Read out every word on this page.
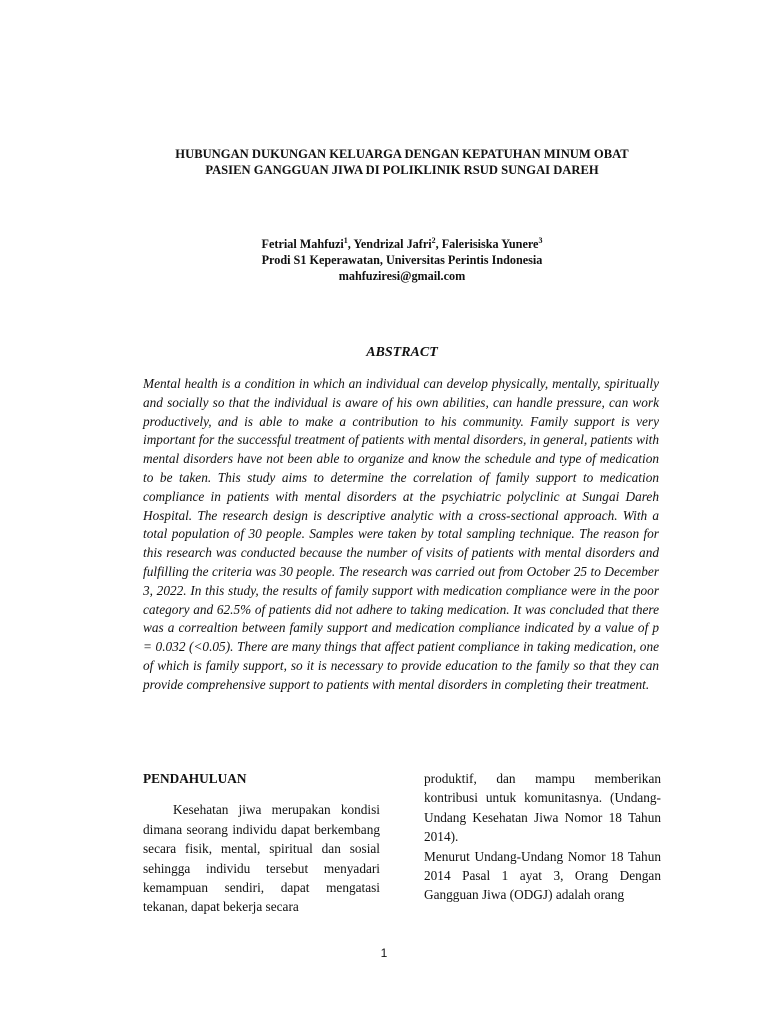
HUBUNGAN DUKUNGAN KELUARGA DENGAN KEPATUHAN MINUM OBAT
PASIEN GANGGUAN JIWA DI POLIKLINIK RSUD SUNGAI DAREH
Fetrial Mahfuzi$^1$, Yendrizal Jafri$^2$, Falerisiska Yunere$^3$
Prodi S1 Keperawatan, Universitas Perintis Indonesia
mahfuziresi@gmail.com
ABSTRACT

Mental health is a condition in which an individual can develop physically, mentally, spiritually and socially so that the individual is aware of his own abilities, can handle pressure, can work productively, and is able to make a contribution to his community. Family support is very important for the successful treatment of patients with mental disorders, in general, patients with mental disorders have not been able to organize and know the schedule and type of medication to be taken. This study aims to determine the correlation of family support to medication compliance in patients with mental disorders at the psychiatric polyclinic at Sungai Dareh Hospital. The research design is descriptive analytic with a cross-sectional approach. With a total population of 30 people. Samples were taken by total sampling technique. The reason for this research was conducted because the number of visits of patients with mental disorders and fulfilling the criteria was 30 people. The research was carried out from October 25 to December 3, 2022. In this study, the results of family support with medication compliance were in the poor category and 62.5% of patients did not adhere to taking medication. It was concluded that there was a correaltion between family support and medication compliance indicated by a value of p = 0.032 (<0.05). There are many things that affect patient compliance in taking medication, one of which is family support, so it is necessary to provide education to the family so that they can provide comprehensive support to patients with mental disorders in completing their treatment.

PENDAHULUAN

Kesehatan jiwa merupakan kondisi dimana seorang individu dapat berkembang secara fisik, mental, spiritual dan sosial sehingga individu tersebut menyadari kemampuan sendiri, dapat mengatasi tekanan, dapat bekerja secara

produktif, dan mampu memberikan kontribusi untuk komunitasnya. (Undang-Undang Kesehatan Jiwa Nomor 18 Tahun 2014).

Menurut Undang-Undang Nomor 18 Tahun 2014 Pasal 1 ayat 3, Orang Dengan Gangguan Jiwa (ODGJ) adalah orang

1
